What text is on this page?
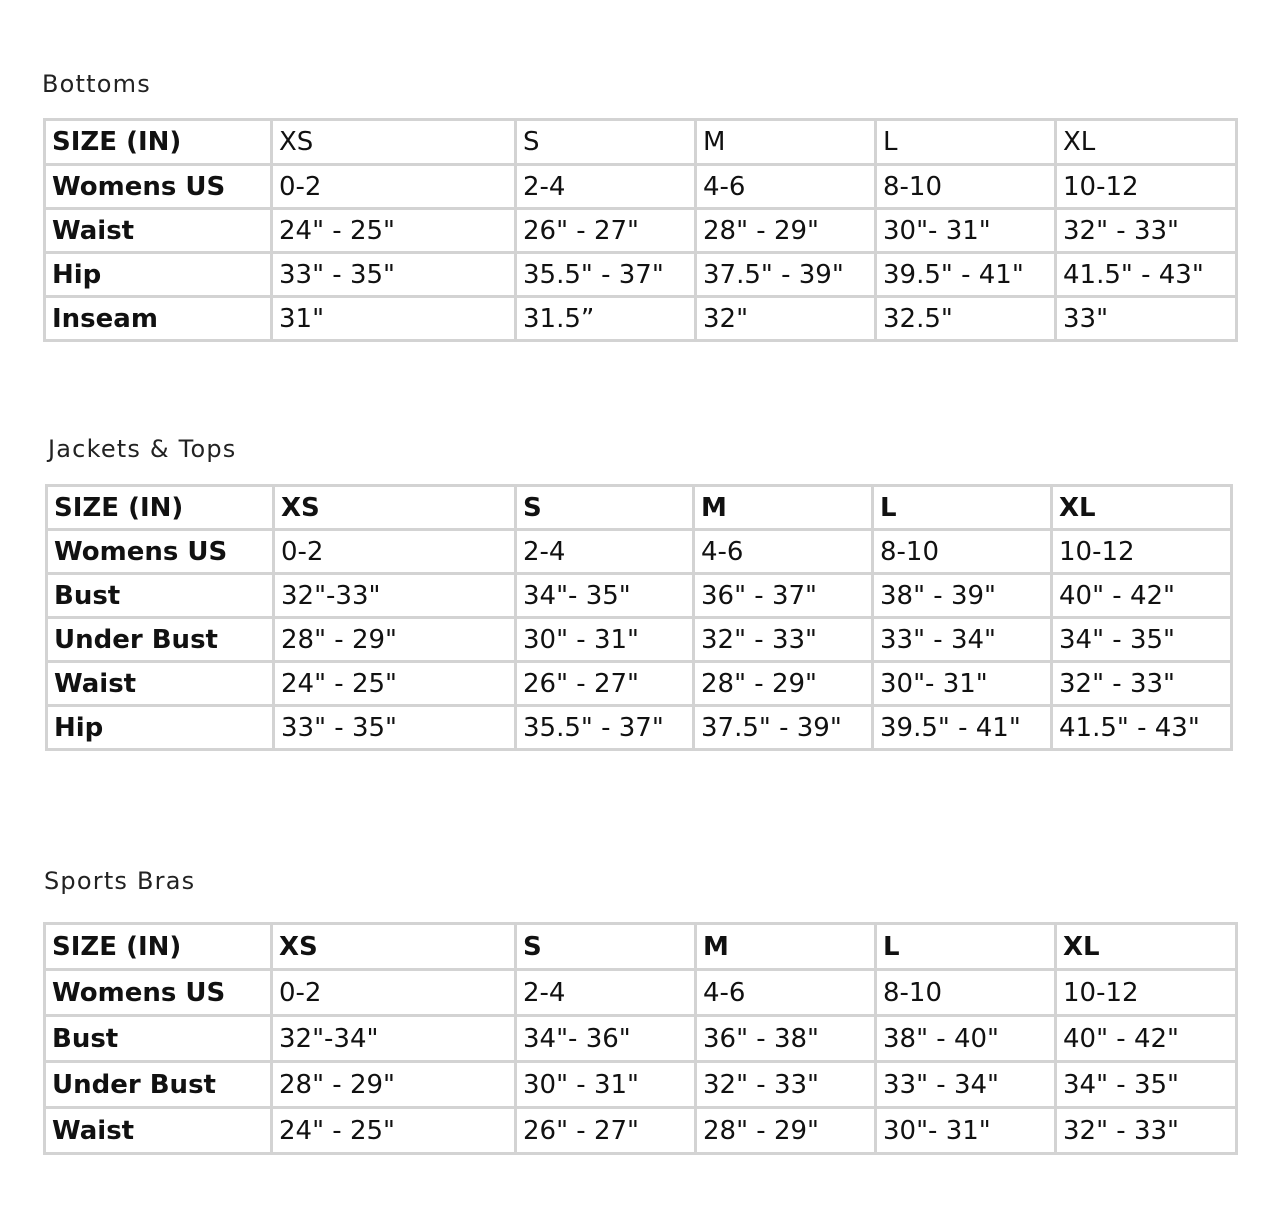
Bottoms
SIZE (IN)	XS	S	M	L	XL
Womens US	0-2	2-4	4-6	8-10	10-12
Waist	24" - 25"	26" - 27"	28" - 29"	30"- 31"	32" - 33"
Hip	33" - 35"	35.5" - 37"	37.5" - 39"	39.5" - 41"	41.5" - 43"
Inseam	31"	31.5”	32"	32.5"	33"
Jackets & Tops
SIZE (IN)	XS	S	M	L	XL
Womens US	0-2	2-4	4-6	8-10	10-12
Bust	32"-33"	34"- 35"	36" - 37"	38" - 39"	40" - 42"
Under Bust	28" - 29"	30" - 31"	32" - 33"	33" - 34"	34" - 35"
Waist	24" - 25"	26" - 27"	28" - 29"	30"- 31"	32" - 33"
Hip	33" - 35"	35.5" - 37"	37.5" - 39"	39.5" - 41"	41.5" - 43"
Sports Bras
SIZE (IN)	XS	S	M	L	XL
Womens US	0-2	2-4	4-6	8-10	10-12
Bust	32"-34"	34"- 36"	36" - 38"	38" - 40"	40" - 42"
Under Bust	28" - 29"	30" - 31"	32" - 33"	33" - 34"	34" - 35"
Waist	24" - 25"	26" - 27"	28" - 29"	30"- 31"	32" - 33"
